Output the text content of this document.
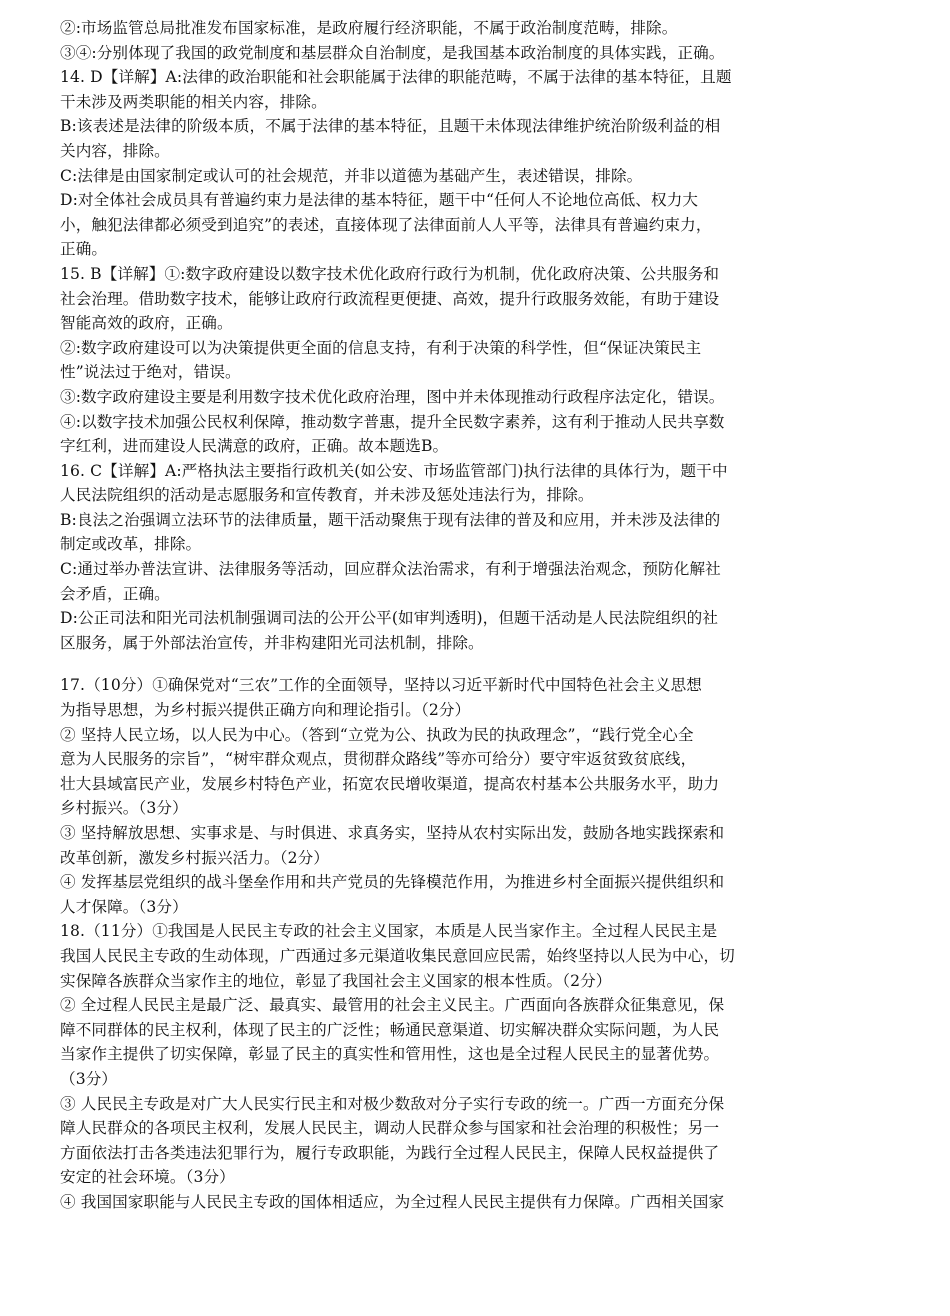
②:市场监管总局批准发布国家标准，是政府履行经济职能，不属于政治制度范畴，排除。
③④:分别体现了我国的政党制度和基层群众自治制度，是我国基本政治制度的具体实践，正确。
14. D【详解】A:法律的政治职能和社会职能属于法律的职能范畴，不属于法律的基本特征，且题
干未涉及两类职能的相关内容，排除。
B:该表述是法律的阶级本质，不属于法律的基本特征，且题干未体现法律维护统治阶级利益的相
关内容，排除。
C:法律是由国家制定或认可的社会规范，并非以道德为基础产生，表述错误，排除。
D:对全体社会成员具有普遍约束力是法律的基本特征，题干中“任何人不论地位高低、权力大
小，触犯法律都必须受到追究”的表述，直接体现了法律面前人人平等，法律具有普遍约束力，
正确。
15. B【详解】①:数字政府建设以数字技术优化政府行政行为机制，优化政府决策、公共服务和
社会治理。借助数字技术，能够让政府行政流程更便捷、高效，提升行政服务效能，有助于建设
智能高效的政府，正确。
②:数字政府建设可以为决策提供更全面的信息支持，有利于决策的科学性，但“保证决策民主
性”说法过于绝对，错误。
③:数字政府建设主要是利用数字技术优化政府治理，图中并未体现推动行政程序法定化，错误。
④:以数字技术加强公民权利保障，推动数字普惠，提升全民数字素养，这有利于推动人民共享数
字红利，进而建设人民满意的政府，正确。故本题选B。
16. C【详解】A:严格执法主要指行政机关(如公安、市场监管部门)执行法律的具体行为，题干中
人民法院组织的活动是志愿服务和宣传教育，并未涉及惩处违法行为，排除。
B:良法之治强调立法环节的法律质量，题干活动聚焦于现有法律的普及和应用，并未涉及法律的
制定或改革，排除。
C:通过举办普法宣讲、法律服务等活动，回应群众法治需求，有利于增强法治观念，预防化解社
会矛盾，正确。
D:公正司法和阳光司法机制强调司法的公开公平(如审判透明)，但题干活动是人民法院组织的社
区服务，属于外部法治宣传，并非构建阳光司法机制，排除。
17.（10分）①确保党对“三农”工作的全面领导，坚持以习近平新时代中国特色社会主义思想
为指导思想，为乡村振兴提供正确方向和理论指引。（2分）
② 坚持人民立场，以人民为中心。（答到“立党为公、执政为民的执政理念”，“践行党全心全
意为人民服务的宗旨”，“树牢群众观点，贯彻群众路线”等亦可给分）要守牢返贫致贫底线，
壮大县域富民产业，发展乡村特色产业，拓宽农民增收渠道，提高农村基本公共服务水平，助力
乡村振兴。（3分）
③ 坚持解放思想、实事求是、与时俱进、求真务实，坚持从农村实际出发，鼓励各地实践探索和
改革创新，激发乡村振兴活力。（2分）
④ 发挥基层党组织的战斗堡垒作用和共产党员的先锋模范作用，为推进乡村全面振兴提供组织和
人才保障。（3分）
18.（11分）①我国是人民民主专政的社会主义国家，本质是人民当家作主。全过程人民民主是
我国人民民主专政的生动体现，广西通过多元渠道收集民意回应民需，始终坚持以人民为中心，切
实保障各族群众当家作主的地位，彰显了我国社会主义国家的根本性质。（2分）
② 全过程人民民主是最广泛、最真实、最管用的社会主义民主。广西面向各族群众征集意见，保
障不同群体的民主权利，体现了民主的广泛性；畅通民意渠道、切实解决群众实际问题，为人民
当家作主提供了切实保障，彰显了民主的真实性和管用性，这也是全过程人民民主的显著优势。
（3分）
③ 人民民主专政是对广大人民实行民主和对极少数敌对分子实行专政的统一。广西一方面充分保
障人民群众的各项民主权利，发展人民民主，调动人民群众参与国家和社会治理的积极性；另一
方面依法打击各类违法犯罪行为，履行专政职能，为践行全过程人民民主，保障人民权益提供了
安定的社会环境。（3分）
④ 我国国家职能与人民民主专政的国体相适应，为全过程人民民主提供有力保障。广西相关国家
